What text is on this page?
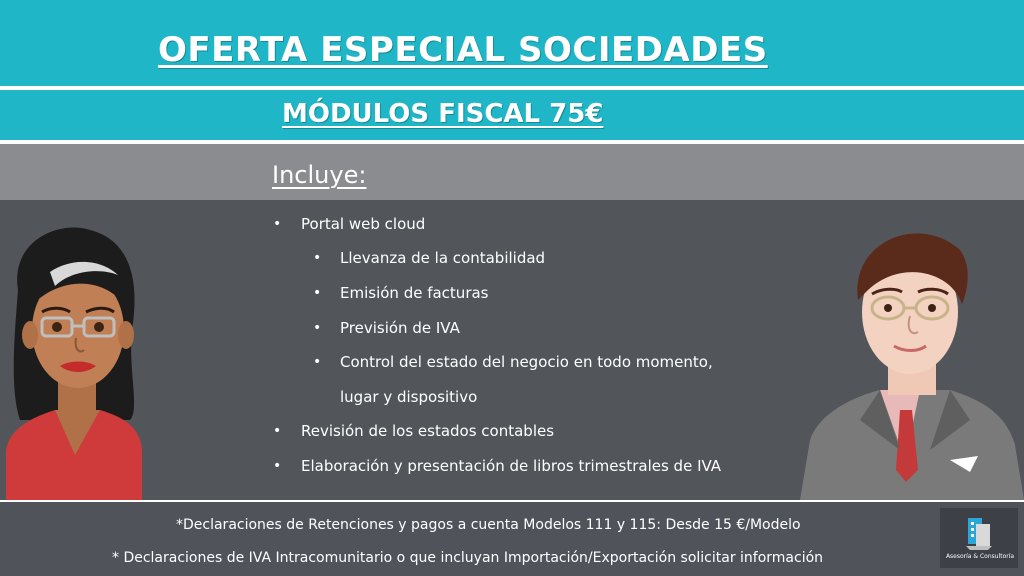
OFERTA ESPECIAL SOCIEDADES
MÓDULOS FISCAL 75€
Incluye:
• Portal web cloud
• Llevanza de la contabilidad
• Emisión de facturas
• Previsión de IVA
• Control del estado del negocio en todo momento,
lugar y dispositivo
• Revisión de los estados contables
• Elaboración y presentación de libros trimestrales de IVA
*Declaraciones de Retenciones y pagos a cuenta Modelos 111 y 115: Desde 15 €/Modelo
* Declaraciones de IVA Intracomunitario o que incluyan Importación/Exportación solicitar información	Asesoría & Consultoría
